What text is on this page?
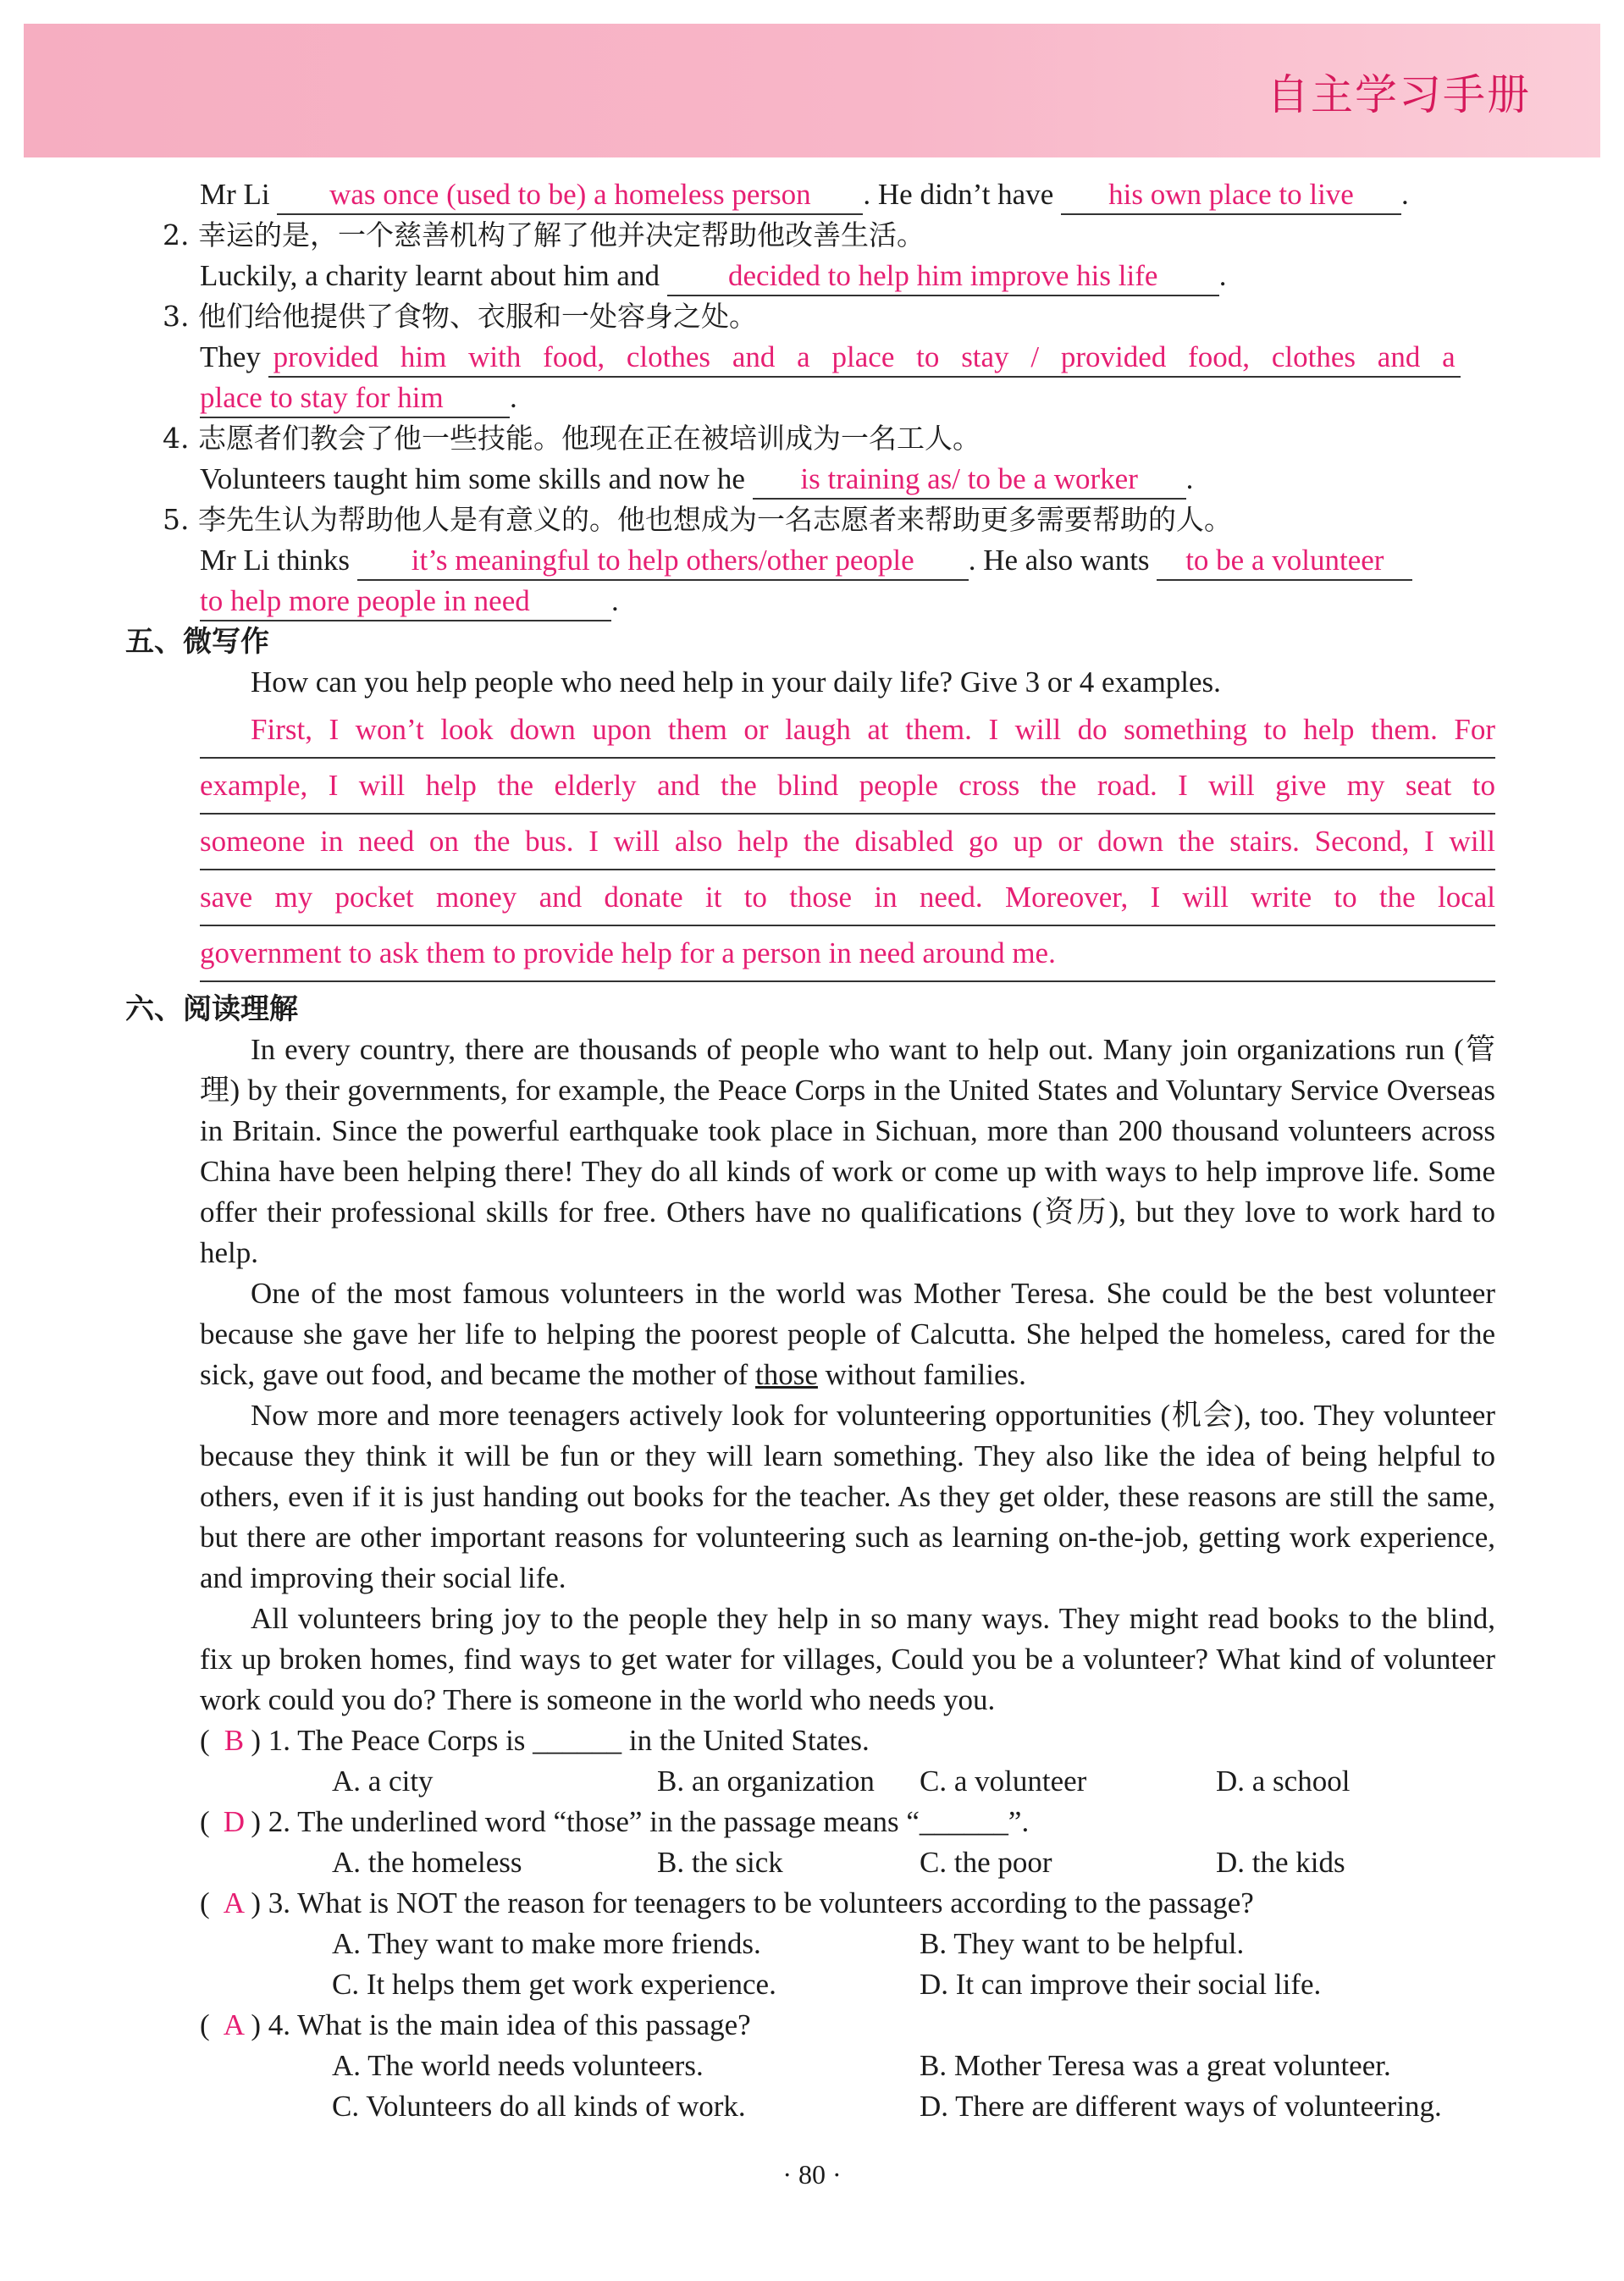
自主学习手册
Mr Li was once (used to be) a homeless person . He didn’t have his own place to live .
2. 幸运的是，一个慈善机构了解了他并决定帮助他改善生活。
Luckily, a charity learnt about him and decided to help him improve his life .
3. 他们给他提供了食物、衣服和一处容身之处。
They provided him with food, clothes and a place to stay / provided food, clothes and a
place to stay for him .
4. 志愿者们教会了他一些技能。他现在正在被培训成为一名工人。
Volunteers taught him some skills and now he is training as/ to be a worker .
5. 李先生认为帮助他人是有意义的。他也想成为一名志愿者来帮助更多需要帮助的人。
Mr Li thinks it’s meaningful to help others/other people . He also wants to be a volunteer
to help more people in need	.
五、微写作
How can you help people who need help in your daily life? Give 3 or 4 examples.
First, I won’t look down upon them or laugh at them. I will do something to help them. For
example, I will help the elderly and the blind people cross the road. I will give my seat to
someone in need on the bus. I will also help the disabled go up or down the stairs. Second, I will
save my pocket money and donate it to those in need. Moreover, I will write to the local
government to ask them to provide help for a person in need around me.
六、阅读理解

In every country, there are thousands of people who want to help out. Many join organizations run (管理) by their governments, for example, the Peace Corps in the United States and Voluntary Service Overseas in Britain. Since the powerful earthquake took place in Sichuan, more than 200 thousand volunteers across China have been helping there! They do all kinds of work or come up with ways to help improve life. Some offer their professional skills for free. Others have no qualifications (资历), but they love to work hard to help.

One of the most famous volunteers in the world was Mother Teresa. She could be the best volunteer because she gave her life to helping the poorest people of Calcutta. She helped the homeless, cared for the sick, gave out food, and became the mother of those without families.

Now more and more teenagers actively look for volunteering opportunities (机会), too. They volunteer because they think it will be fun or they will learn something. They also like the idea of being helpful to others, even if it is just handing out books for the teacher. As they get older, these reasons are still the same, but there are other important reasons for volunteering such as learning on-the-job, getting work experience, and improving their social life.

All volunteers bring joy to the people they help in so many ways. They might read books to the blind, fix up broken homes, find ways to get water for villages, Could you be a volunteer? What kind of volunteer work could you do? There is someone in the world who needs you.

( B ) 1. The Peace Corps is ______ in the United States.
A. a city	B. an organization C. a volunteer	D. a school
( D ) 2. The underlined word “those” in the passage means “______”.
A. the homeless	B. the sick	C. the poor	D. the kids
( A ) 3. What is NOT the reason for teenagers to be volunteers according to the passage?
A. They want to make more friends.	B. They want to be helpful.
C. It helps them get work experience.	D. It can improve their social life.
( A ) 4. What is the main idea of this passage?
A. The world needs volunteers.	B. Mother Teresa was a great volunteer.
C. Volunteers do all kinds of work.	D. There are different ways of volunteering.
· 80 ·
